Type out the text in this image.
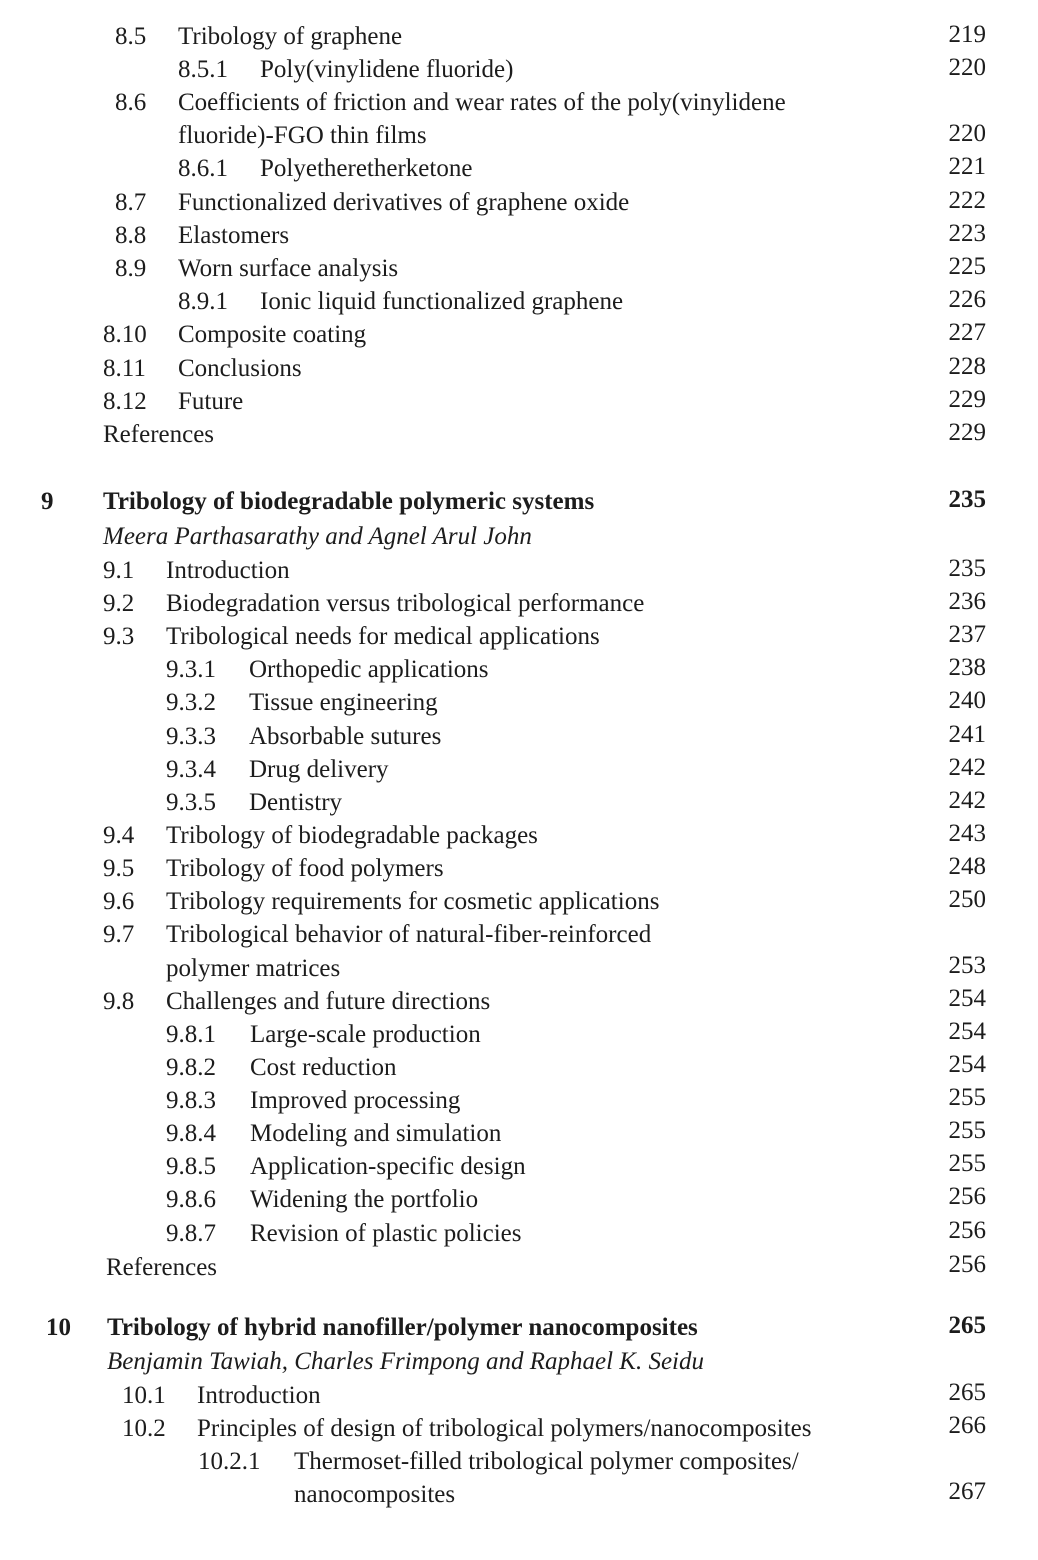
8.5 Tribology of graphene	219
8.5.1 Poly(vinylidene fluoride)	220
8.6 Coefficients of friction and wear rates of the poly(vinylidene
fluoride)-FGO thin films	220
8.6.1 Polyetheretherketone	221
8.7 Functionalized derivatives of graphene oxide	222
8.8 Elastomers	223
8.9 Worn surface analysis	225
8.9.1 Ionic liquid functionalized graphene	226
8.10 Composite coating	227
8.11 Conclusions	228
8.12 Future	229
References	229
9 Tribology of biodegradable polymeric systems	235
Meera Parthasarathy and Agnel Arul John
9.1 Introduction	235
9.2 Biodegradation versus tribological performance	236
9.3 Tribological needs for medical applications	237
9.3.1 Orthopedic applications	238
9.3.2 Tissue engineering	240
9.3.3 Absorbable sutures	241
9.3.4 Drug delivery	242
9.3.5 Dentistry	242
9.4 Tribology of biodegradable packages	243
9.5 Tribology of food polymers	248
9.6 Tribology requirements for cosmetic applications	250
9.7 Tribological behavior of natural-fiber-reinforced
polymer matrices	253
9.8 Challenges and future directions	254
9.8.1 Large-scale production	254
9.8.2 Cost reduction	254
9.8.3 Improved processing	255
9.8.4 Modeling and simulation	255
9.8.5 Application-specific design	255
9.8.6 Widening the portfolio	256
9.8.7 Revision of plastic policies	256
References	256
10 Tribology of hybrid nanofiller/polymer nanocomposites	265
Benjamin Tawiah, Charles Frimpong and Raphael K. Seidu
10.1 Introduction	265
10.2 Principles of design of tribological polymers/nanocomposites	266
10.2.1 Thermoset-filled tribological polymer composites/
nanocomposites	267
